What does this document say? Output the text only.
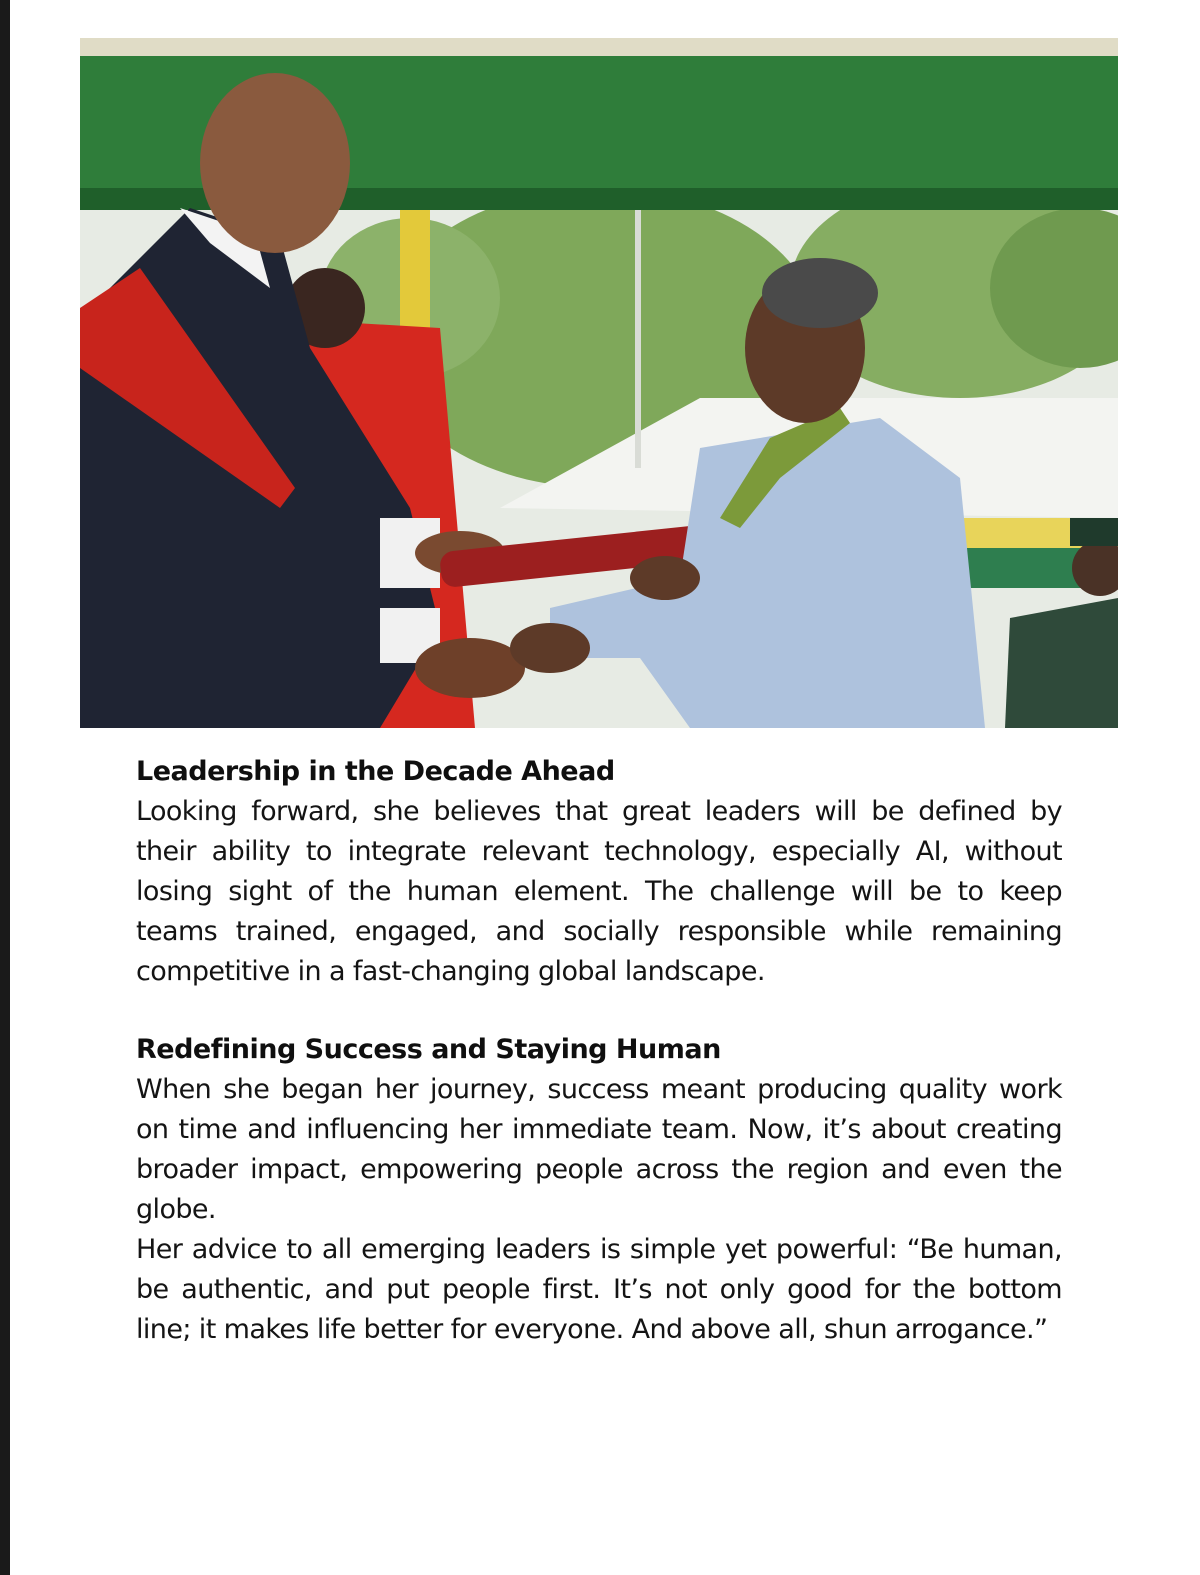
Leadership in the Decade Ahead

Looking forward, she believes that great leaders will be defined by their ability to integrate relevant technology, especially AI, without losing sight of the human element. The challenge will be to keep teams trained, engaged, and socially responsible while remaining competitive in a fast-changing global landscape.

Redefining Success and Staying Human

When she began her journey, success meant producing quality work on time and influencing her immediate team. Now, it’s about creating broader impact, empowering people across the region and even the globe.

Her advice to all emerging leaders is simple yet powerful: “Be human, be authentic, and put people first. It’s not only good for the bottom line; it makes life better for everyone. And above all, shun arrogance.”
